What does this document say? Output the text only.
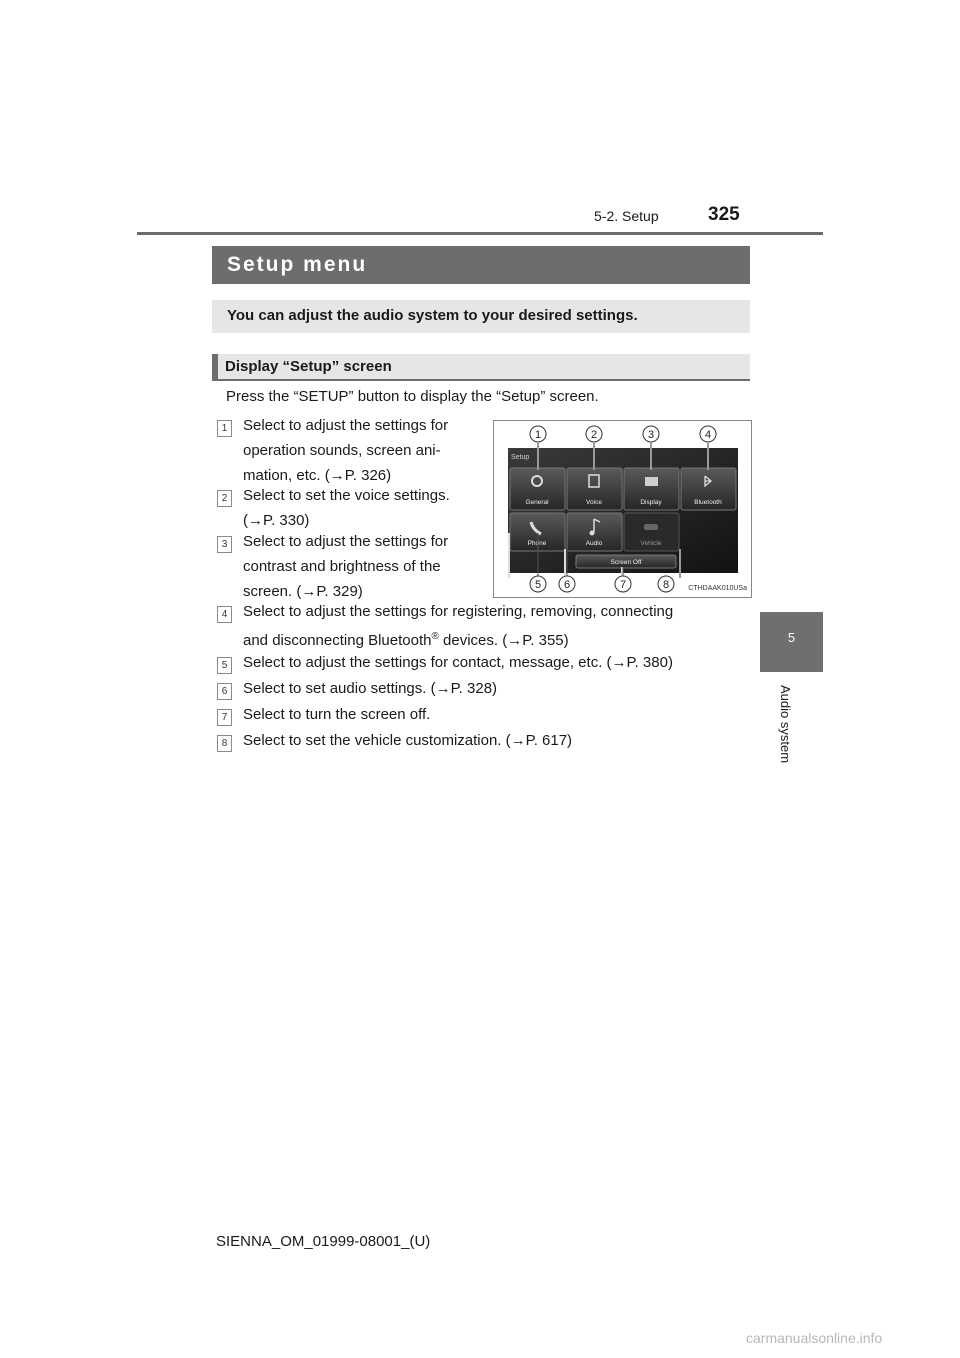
5-2. Setup	325
5
Audio system
Setup menu
You can adjust the audio system to your desired settings.
Display “Setup” screen
Press the “SETUP” button to display the “Setup” screen.
1	Select to adjust the settings for
operation sounds, screen ani-
mation, etc. (→P. 326)
2	Select to set the voice settings.
(→P. 330)
3	Select to adjust the settings for
contrast and brightness of the
screen. (→P. 329)
Setup
General	Voice	Display	Bluetooth
Phone	Audio	Vehicle
Screen Off
1	2	3	4
5 6	7	8	CTHDAAK010USa
4	Select to adjust the settings for registering, removing, connecting
and disconnecting Bluetooth® devices. (→P. 355)
5	Select to adjust the settings for contact, message, etc. (→P. 380)
6	Select to set audio settings. (→P. 328)
7	Select to turn the screen off.
8	Select to set the vehicle customization. (→P. 617)
SIENNA_OM_01999-08001_(U)
carmanualsonline.info
